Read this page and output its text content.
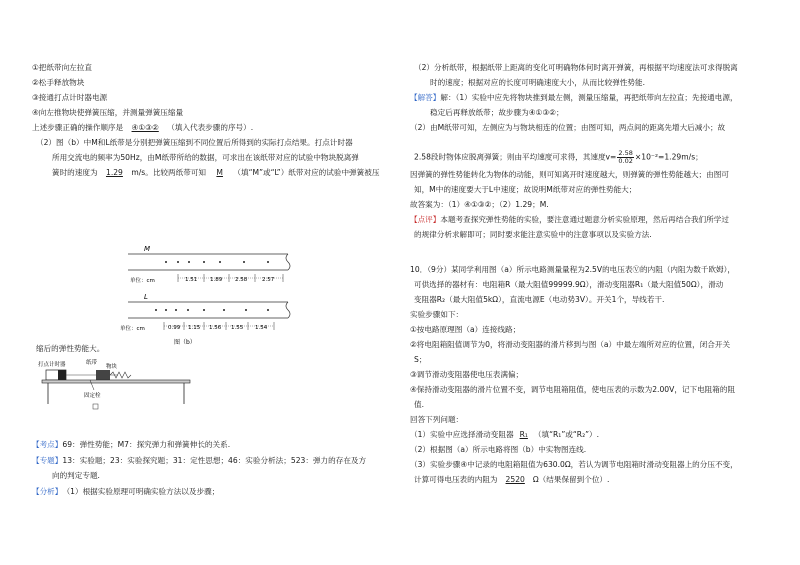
①把纸带向左拉直
②松手释放物块
③接通打点计时器电源
④向左推物块使弹簧压缩，并测量弹簧压缩量
上述步骤正确的操作顺序是 ④①③② （填入代表步骤的序号）.
（2）图（b）中M和L纸带是分别把弹簧压缩到不同位置后所得到的实际打点结果。打点计时器
所用交流电的频率为50Hz，由M纸带所给的数据，可求出在该纸带对应的试验中物块脱离弹
簧时的速度为 1.29 m/s。比较两纸带可知 M （填“M”或“L”）纸带对应的试验中弹簧被压
M
单位：cm	1.51 1.89 2.58	2.57
L
单位：cm	0.99 1.15 1.56 1.55 1.54
图（b）
缩后的弹性势能大。
打点计时器	纸带
物块
固定栓
【考点】69：弹性势能；M7：探究弹力和弹簧伸长的关系.
【专题】13：实验题；23：实验探究题；31：定性思想；46：实验分析法；523：弹力的存在及方
向的判定专题.
【分析】 （1）根据实验原理可明确实验方法以及步骤；
（2）分析纸带，根据纸带上距离的变化可明确物体何时离开弹簧，再根据平均速度法可求得脱离
时的速度；根据对应的长度可明确速度大小，从而比较弹性势能.
【解答】解：（1）实验中应先将物块推到最左侧，测量压缩量，再把纸带向左拉直；先接通电源，
稳定后再释放纸带；故步骤为④①③②；
（2）由M纸带可知，左侧应为与物块相连的位置；由图可知，两点间的距离先增大后减小；故
2.58段时物体应脱离弹簧；则由平均速度可求得，其速度$v= \frac{2.58}{0.02} \times 10^{-2}=1.29m/s$；
因弹簧的弹性势能转化为物体的动能，则可知离开时速度越大，则弹簧的弹性势能越大；由图可
知，M中的速度要大于L中速度；故说明M纸带对应的弹性势能大；
故答案为：（1）④①③②；（2）1.29；M.
【点评】本题考查探究弹性势能的实验，要注意通过题意分析实验原理，然后再结合我们所学过
的规律分析求解即可；同时要求能注意实验中的注意事项以及实验方法.
10．（9分）某同学利用图（a）所示电路测量量程为2.5V的电压表Ⓥ的内阻（内阻为数千欧姆），
可供选择的器材有：电阻箱R（最大阻值99999.9Ω），滑动变阻器R₁（最大阻值50Ω），滑动
变阻器R₂（最大阻值5kΩ），直流电源E（电动势3V）。开关1个，导线若干.
实验步骤如下：
①按电路原理图（a）连接线路；
②将电阻箱阻值调节为0，将滑动变阻器的滑片移到与图（a）中最左端所对应的位置，闭合开关
S；
③调节滑动变阻器使电压表满偏；
④保持滑动变阻器的滑片位置不变，调节电阻箱阻值，使电压表的示数为2.00V，记下电阻箱的阻
值.
回答下列问题：
（1）实验中应选择滑动变阻器 R₁ （填“R₁”或“R₂”）.
（2）根据图（a）所示电路将图（b）中实物图连线.
（3）实验步骤④中记录的电阻箱阻值为630.0Ω，若认为调节电阻箱时滑动变阻器上的分压不变，
计算可得电压表的内阻为 2520 Ω（结果保留到个位）.
